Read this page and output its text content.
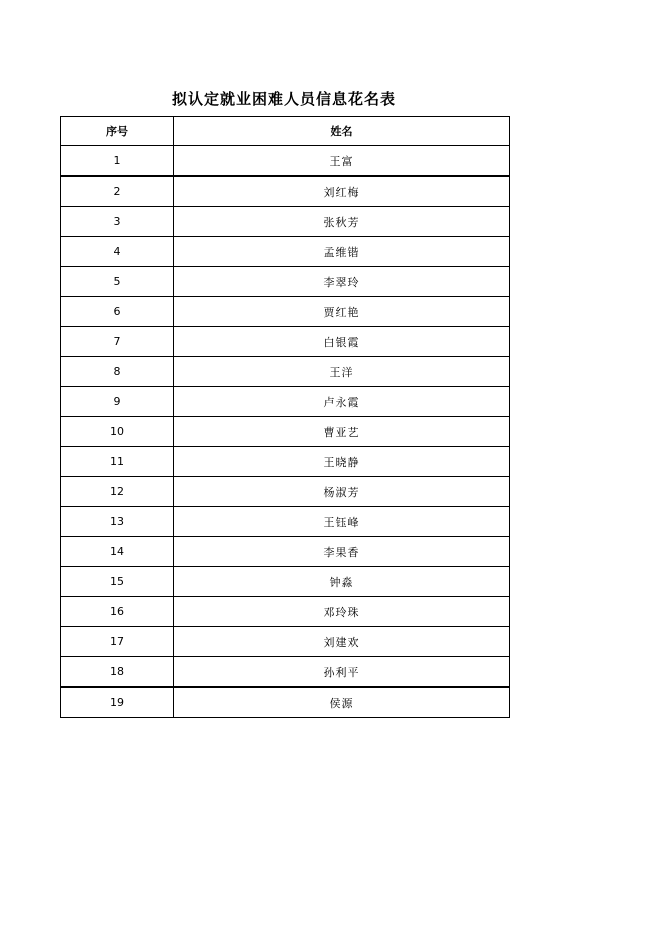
拟认定就业困难人员信息花名表
序号	姓名
1	王富
2	刘红梅
3	张秋芳
4	孟维锴
5	李翠玲
6	贾红艳
7	白银霞
8	王洋
9	卢永霞
10	曹亚艺
11	王晓静
12	杨淑芳
13	王钰峰
14	李果香
15	钟淼
16	邓玲珠
17	刘建欢
18	孙利平
19	侯源
